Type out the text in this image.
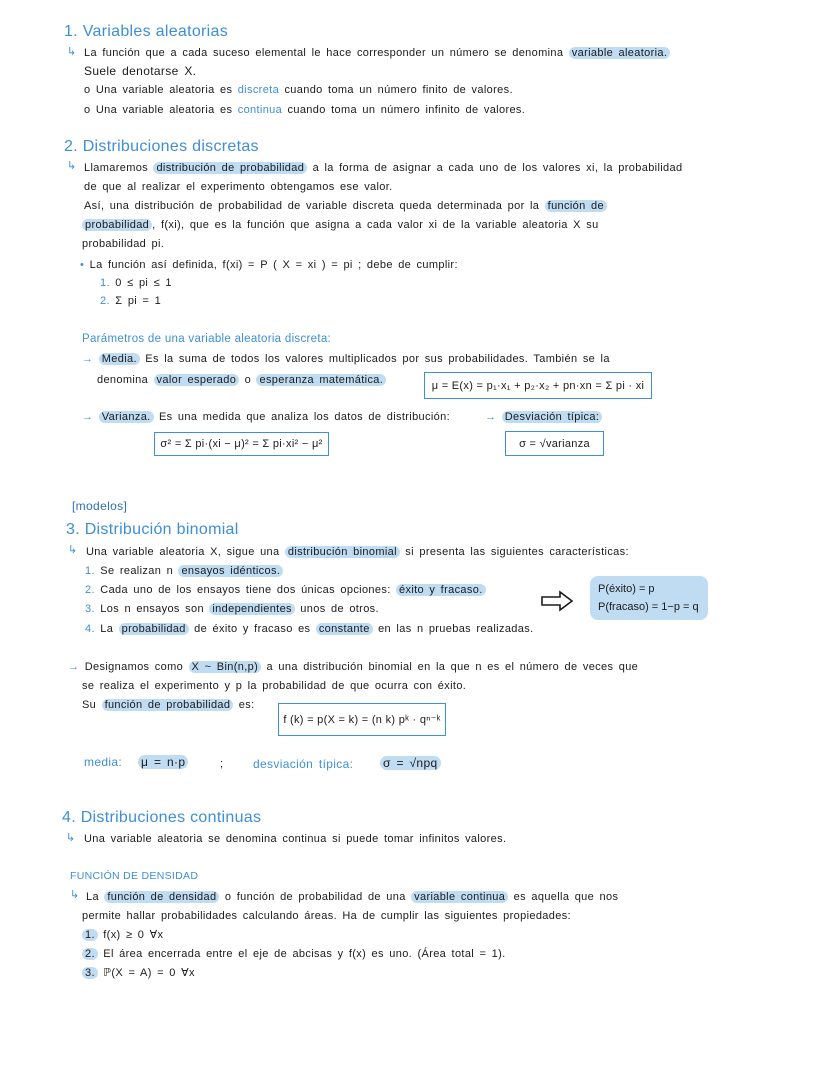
1. Variables aleatorias
↳ La función que a cada suceso elemental le hace corresponder un número se denomina variable aleatoria.
Suele denotarse X.
o Una variable aleatoria es discreta cuando toma un número finito de valores.
o Una variable aleatoria es continua cuando toma un número infinito de valores.
2. Distribuciones discretas
↳ Llamaremos distribución de probabilidad a la forma de asignar a cada uno de los valores xi, la probabilidad
de que al realizar el experimento obtengamos ese valor.
Así, una distribución de probabilidad de variable discreta queda determinada por la función de
probabilidad , f(xi), que es la función que asigna a cada valor xi de la variable aleatoria X su
probabilidad pi.
• La función así definida, f(xi) = P ( X = xi ) = pi ; debe de cumplir:
1. 0 ≤ pi ≤ 1
2. Σ pi = 1
Parámetros de una variable aleatoria discreta:
→ Media. Es la suma de todos los valores multiplicados por sus probabilidades. También se la
denomina valor esperado o esperanza matemática.	μ = E(x) = p₁·x₁ + p₂·x₂ + pn·xn = Σ pi · xi
→ Varianza. Es una medida que analiza los datos de distribución:	→ Desviación típica:
σ² = Σ pi·(xi − μ)² = Σ pi·xi² − μ²	σ = √varianza
[modelos]
3. Distribución binomial
↳ Una variable aleatoria X, sigue una distribución binomial si presenta las siguientes características:
1. Se realizan n ensayos idénticos.
2. Cada uno de los ensayos tiene dos únicas opciones: éxito y fracaso.
3. Los n ensayos son independientes unos de otros.
4. La probabilidad de éxito y fracaso es constante en las n pruebas realizadas.
P(éxito) = p
P(fracaso) = 1−p = q
→ Designamos como X ~ Bin(n,p) a una distribución binomial en la que n es el número de veces que
se realiza el experimento y p la probabilidad de que ocurra con éxito.
Su función de probabilidad es:
f (k) = p(X = k) = (n k) pᵏ · qⁿ⁻ᵏ
media: μ = n·p	; desviación típica: σ = √npq
4. Distribuciones continuas
↳ Una variable aleatoria se denomina continua si puede tomar infinitos valores.
FUNCIÓN DE DENSIDAD
↳ La función de densidad o función de probabilidad de una variable continua es aquella que nos
permite hallar probabilidades calculando áreas. Ha de cumplir las siguientes propiedades:
1. f(x) ≥ 0 ∀x
2. El área encerrada entre el eje de abcisas y f(x) es uno. (Área total = 1).
3. ℙ(X = A) = 0 ∀x
